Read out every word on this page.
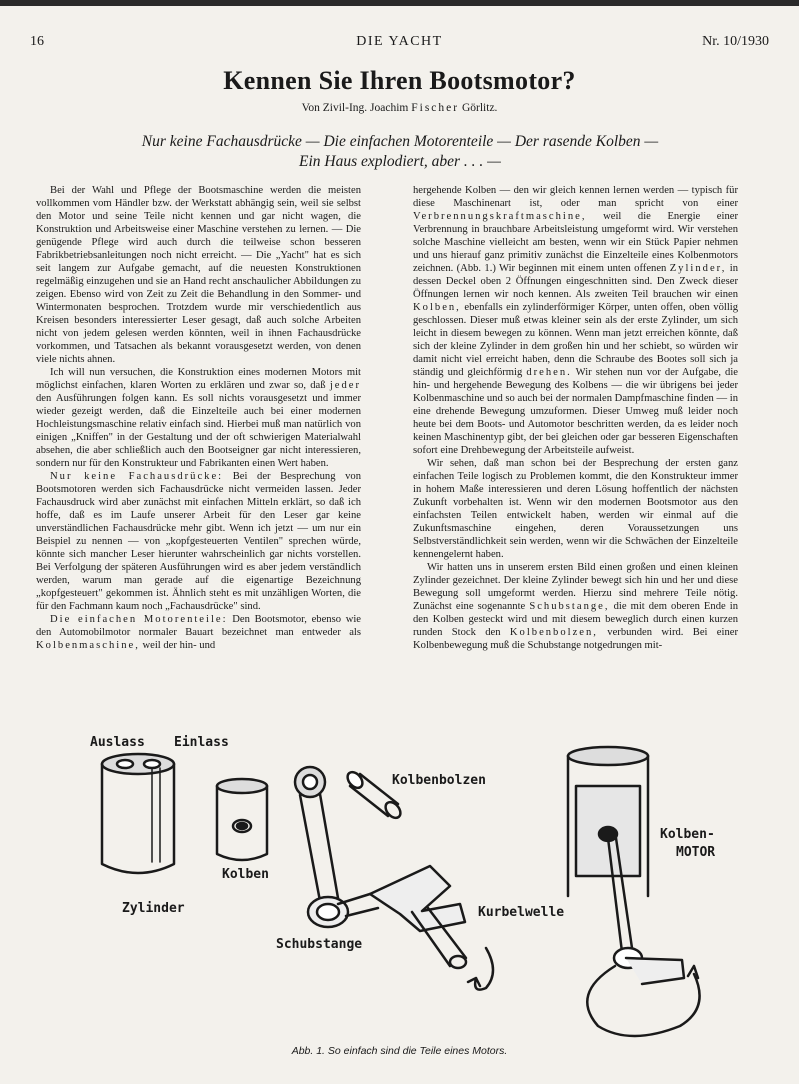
16	DIE YACHT	Nr. 10/1930
Kennen Sie Ihren Bootsmotor?
Von Zivil-Ing. Joachim Fischer Görlitz.
Nur keine Fachausdrücke — Die einfachen Motorenteile — Der rasende Kolben —
Ein Haus explodiert, aber . . . —

Bei der Wahl und Pflege der Bootsmaschine werden die meisten vollkommen vom Händler bzw. der Werkstatt abhängig sein, weil sie selbst den Motor und seine Teile nicht kennen und gar nicht wagen, die Konstruktion und Arbeitsweise einer Maschine verstehen zu lernen. — Die genügende Pflege wird auch durch die teilweise schon besseren Fabrikbetriebsanleitungen noch nicht erreicht. — Die „Yacht" hat es sich seit langem zur Aufgabe gemacht, auf die neuesten Konstruktionen regelmäßig einzugehen und sie an Hand recht anschaulicher Abbildungen zu zeigen. Ebenso wird von Zeit zu Zeit die Behandlung in den Sommer- und Wintermonaten besprochen. Trotzdem wurde mir verschiedentlich aus Kreisen besonders interessierter Leser gesagt, daß auch solche Arbeiten nicht von jedem gelesen werden könnten, weil in ihnen Fachausdrücke vorkommen, und Tatsachen als bekannt vorausgesetzt werden, von denen viele nichts ahnen.

Ich will nun versuchen, die Konstruktion eines modernen Motors mit möglichst einfachen, klaren Worten zu erklären und zwar so, daß jeder den Ausführungen folgen kann. Es soll nichts vorausgesetzt und immer wieder gezeigt werden, daß die Einzelteile auch bei einer modernen Hochleistungsmaschine relativ einfach sind. Hierbei muß man natürlich von einigen „Kniffen" in der Gestaltung und der oft schwierigen Materialwahl absehen, die aber schließlich auch den Bootseigner gar nicht interessieren, sondern nur für den Konstrukteur und Fabrikanten einen Wert haben.

Nur keine Fachausdrücke: Bei der Besprechung von Bootsmotoren werden sich Fachausdrücke nicht vermeiden lassen. Jeder Fachausdruck wird aber zunächst mit einfachen Mitteln erklärt, so daß ich hoffe, daß es im Laufe unserer Arbeit für den Leser gar keine unverständlichen Fachausdrücke mehr gibt. Wenn ich jetzt — um nur ein Beispiel zu nennen — von „kopfgesteuerten Ventilen" sprechen würde, könnte sich mancher Leser hierunter wahrscheinlich gar nichts vorstellen. Bei Verfolgung der späteren Ausführungen wird es aber jedem verständlich werden, warum man gerade auf die eigenartige Bezeichnung „kopfgesteuert" gekommen ist. Ähnlich steht es mit unzähligen Worten, die für den Fachmann kaum noch „Fachausdrücke" sind.

Die einfachen Motorenteile: Den Bootsmotor, ebenso wie den Automobilmotor normaler Bauart bezeichnet man entweder als Kolbenmaschine, weil der hin- und

hergehende Kolben — den wir gleich kennen lernen werden — typisch für diese Maschinenart ist, oder man spricht von einer Verbrennungskraftmaschine, weil die Energie einer Verbrennung in brauchbare Arbeitsleistung umgeformt wird. Wir verstehen solche Maschine vielleicht am besten, wenn wir ein Stück Papier nehmen und uns hierauf ganz primitiv zunächst die Einzelteile eines Kolbenmotors zeichnen. (Abb. 1.) Wir beginnen mit einem unten offenen Zylinder, in dessen Deckel oben 2 Öffnungen eingeschnitten sind. Den Zweck dieser Öffnungen lernen wir noch kennen. Als zweiten Teil brauchen wir einen Kolben, ebenfalls ein zylinderförmiger Körper, unten offen, oben völlig geschlossen. Dieser muß etwas kleiner sein als der erste Zylinder, um sich leicht in diesem bewegen zu können. Wenn man jetzt erreichen könnte, daß sich der kleine Zylinder in dem großen hin und her schiebt, so würden wir damit nicht viel erreicht haben, denn die Schraube des Bootes soll sich ja ständig und gleichförmig drehen. Wir stehen nun vor der Aufgabe, die hin- und hergehende Bewegung des Kolbens — die wir übrigens bei jeder Kolbenmaschine und so auch bei der normalen Dampfmaschine finden — in eine drehende Bewegung umzuformen. Dieser Umweg muß leider noch heute bei dem Boots- und Automotor beschritten werden, da es leider noch keinen Maschinentyp gibt, der bei gleichen oder gar besseren Eigenschaften sofort eine Drehbewegung der Arbeitsteile aufweist.

Wir sehen, daß man schon bei der Besprechung der ersten ganz einfachen Teile logisch zu Problemen kommt, die den Konstrukteur immer in hohem Maße interessieren und deren Lösung hoffentlich der nächsten Zukunft vorbehalten ist. Wenn wir den modernen Bootsmotor aus den einfachsten Teilen entwickelt haben, werden wir einmal auf die Zukunftsmaschine eingehen, deren Voraussetzungen uns Selbstverständlichkeit sein werden, wenn wir die Schwächen der Einzelteile kennengelernt haben.

Wir hatten uns in unserem ersten Bild einen großen und einen kleinen Zylinder gezeichnet. Der kleine Zylinder bewegt sich hin und her und diese Bewegung soll umgeformt werden. Hierzu sind mehrere Teile nötig. Zunächst eine sogenannte Schubstange, die mit dem oberen Ende in den Kolben gesteckt wird und mit diesem beweglich durch einen kurzen runden Stock den Kolbenbolzen, verbunden wird. Bei einer Kolbenbewegung muß die Schubstange notgedrungen mit-

Auslass Einlass
Zylinder
Kolben
Kolbenbolzen
Schubstange
Kurbelwelle
Kolben-
MOTOR
Abb. 1. So einfach sind die Teile eines Motors.
